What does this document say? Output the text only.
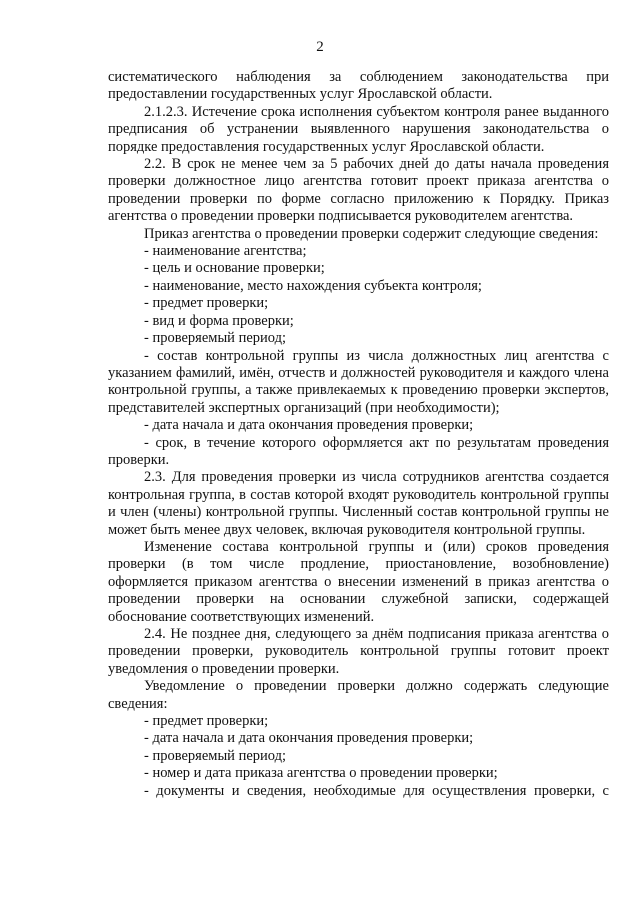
2

систематического наблюдения за соблюдением законодательства при предоставлении государственных услуг Ярославской области.

2.1.2.3. Истечение срока исполнения субъектом контроля ранее выданного предписания об устранении выявленного нарушения законодательства о порядке предоставления государственных услуг Ярославской области.

2.2. В срок не менее чем за 5 рабочих дней до даты начала проведения проверки должностное лицо агентства готовит проект приказа агентства о проведении проверки по форме согласно приложению к Порядку. Приказ агентства о проведении проверки подписывается руководителем агентства.

Приказ агентства о проведении проверки содержит следующие сведения:

- наименование агентства;

- цель и основание проверки;

- наименование, место нахождения субъекта контроля;

- предмет проверки;

- вид и форма проверки;

- проверяемый период;

- состав контрольной группы из числа должностных лиц агентства с указанием фамилий, имён, отчеств и должностей руководителя и каждого члена контрольной группы, а также привлекаемых к проведению проверки экспертов, представителей экспертных организаций (при необходимости);

- дата начала и дата окончания проведения проверки;

- срок, в течение которого оформляется акт по результатам проведения проверки.

2.3. Для проведения проверки из числа сотрудников агентства создается контрольная группа, в состав которой входят руководитель контрольной группы и член (члены) контрольной группы. Численный состав контрольной группы не может быть менее двух человек, включая руководителя контрольной группы.

Изменение состава контрольной группы и (или) сроков проведения проверки (в том числе продление, приостановление, возобновление) оформляется приказом агентства о внесении изменений в приказ агентства о проведении проверки на основании служебной записки, содержащей обоснование соответствующих изменений.

2.4. Не позднее дня, следующего за днём подписания приказа агентства о проведении проверки, руководитель контрольной группы готовит проект уведомления о проведении проверки.

Уведомление о проведении проверки должно содержать следующие сведения:

- предмет проверки;

- дата начала и дата окончания проведения проверки;

- проверяемый период;

- номер и дата приказа агентства о проведении проверки;

- документы и сведения, необходимые для осуществления проверки, с
